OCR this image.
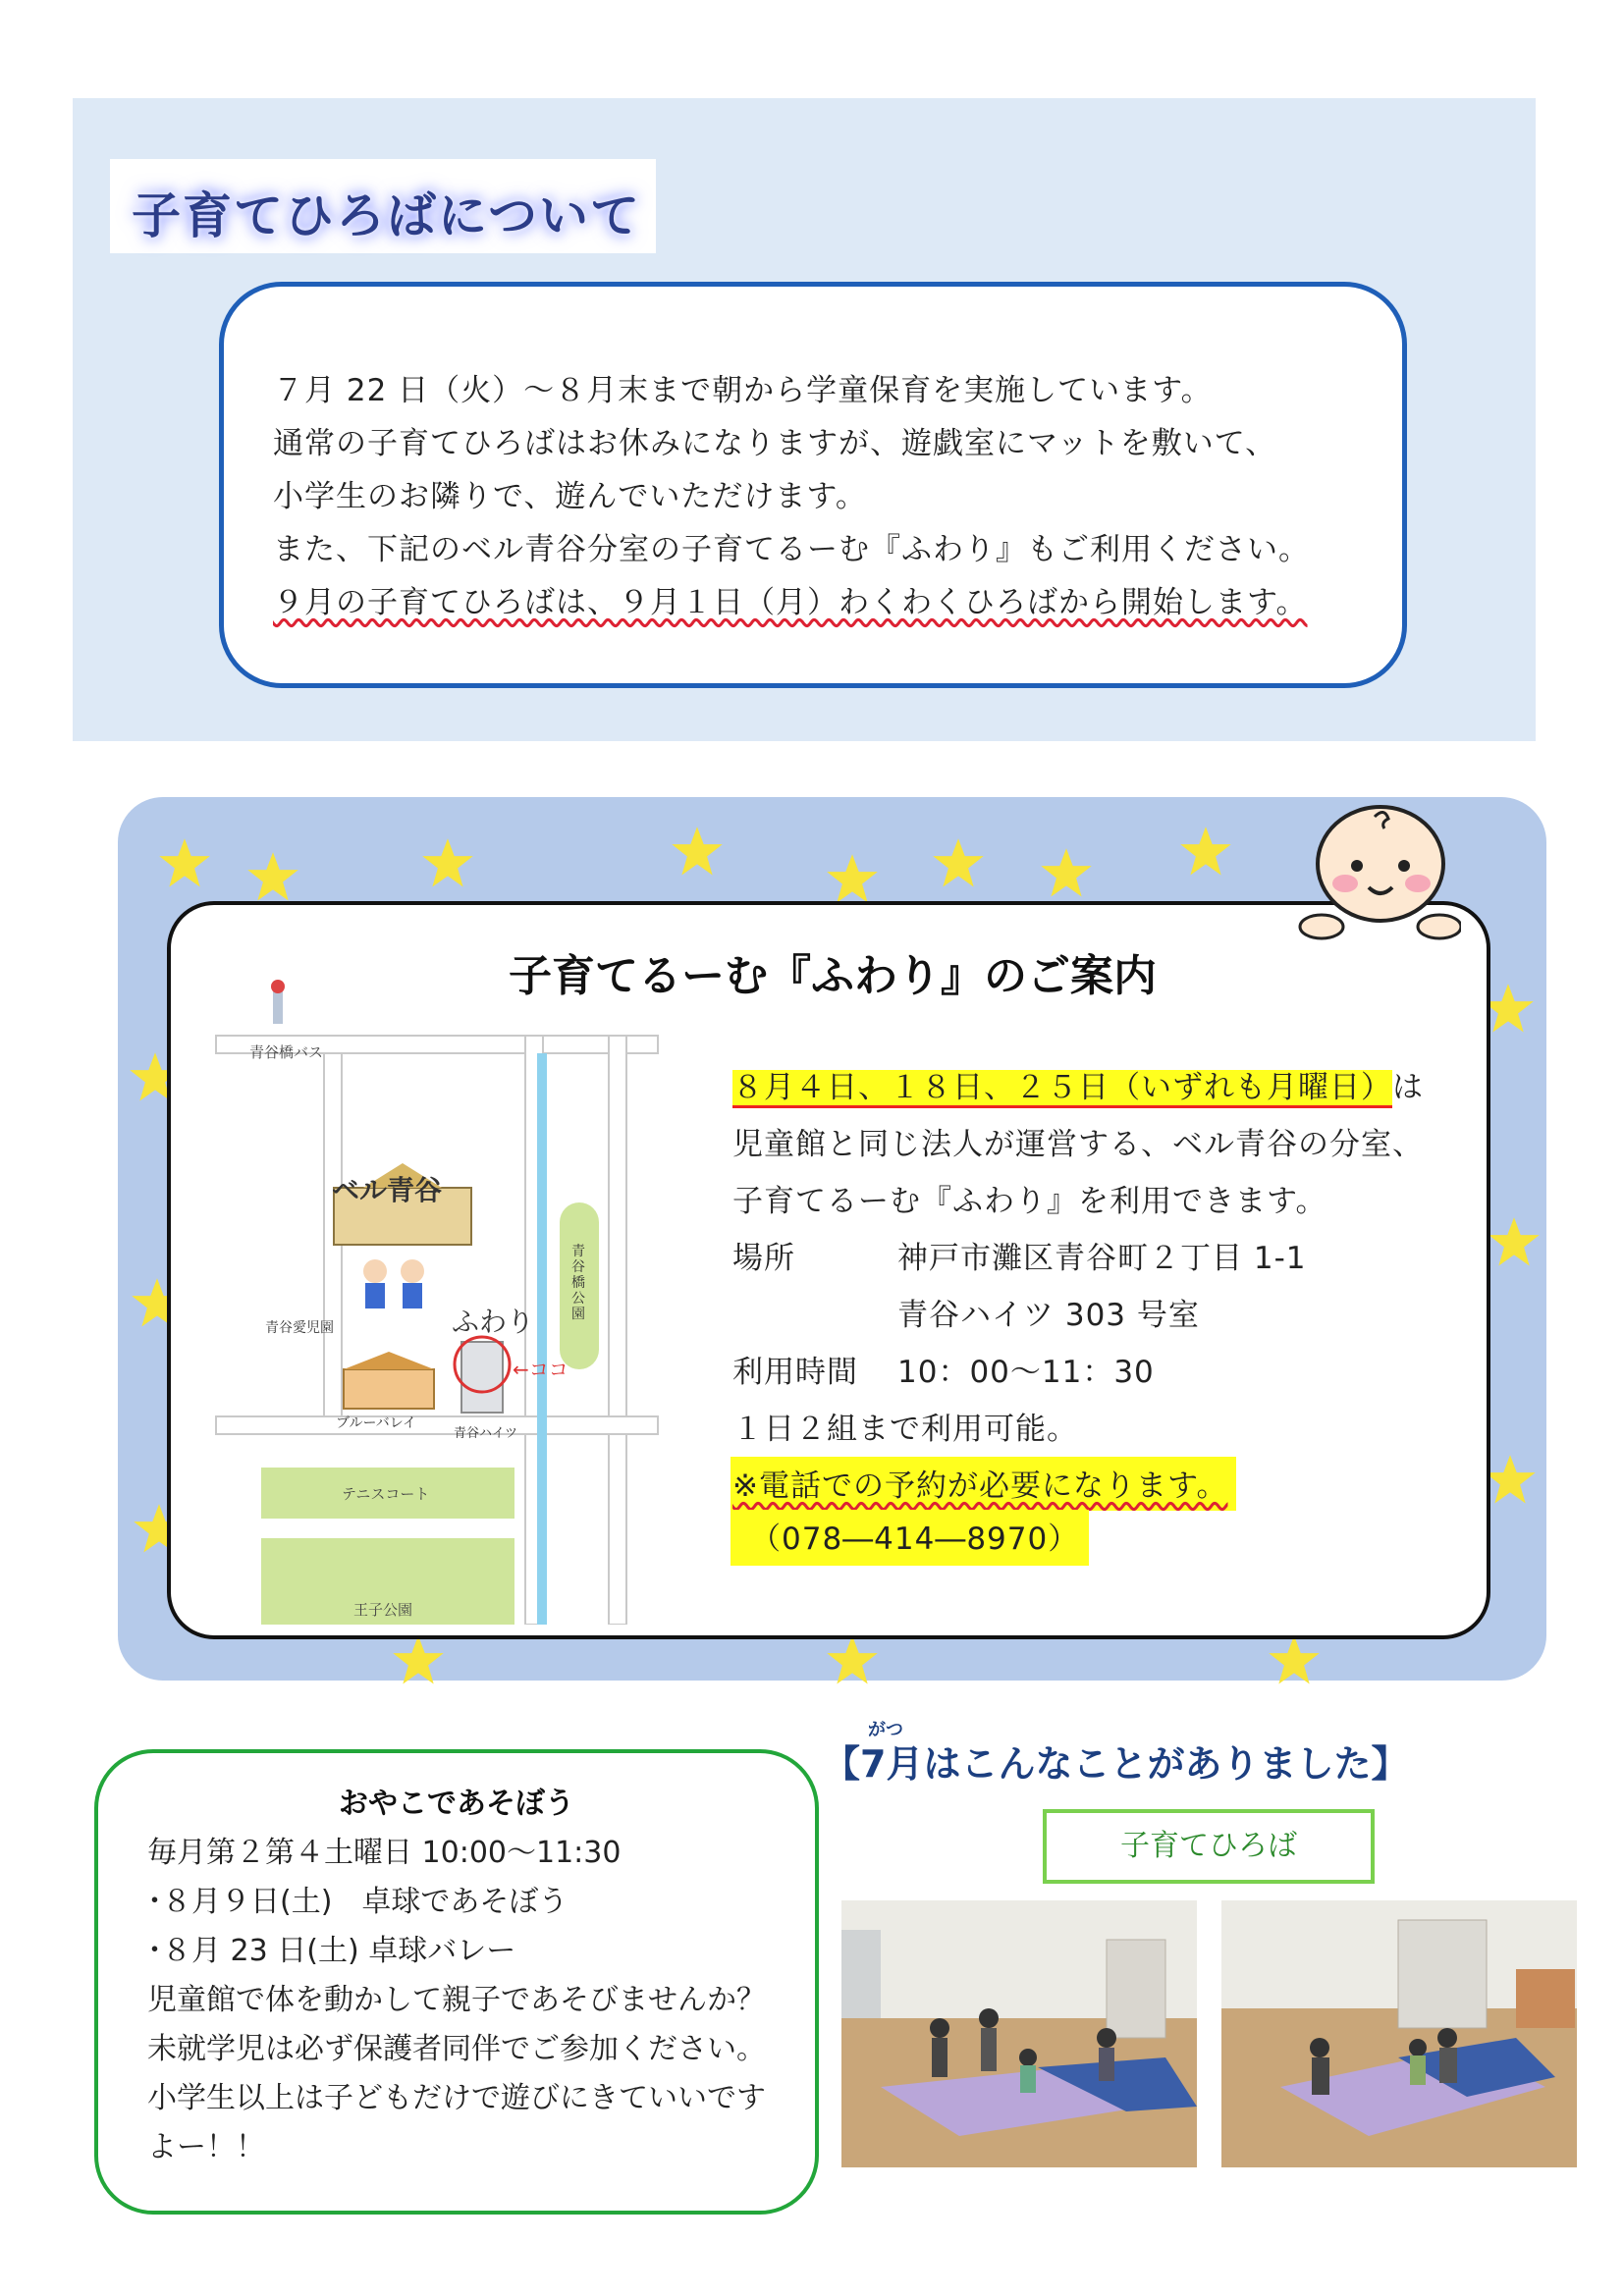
子育てひろばについて
７月 22 日（火）～８月末まで朝から学童保育を実施しています。
通常の子育てひろばはお休みになりますが、遊戯室にマットを敷いて、
小学生のお隣りで、遊んでいただけます。
また、下記のベル青谷分室の子育てるーむ『ふわり』もご利用ください。
９月の子育てひろばは、９月１日（月）わくわくひろばから開始します。
子育てるーむ『ふわり』のご案内
８月４日、１８日、２５日（いずれも月曜日）は
児童館と同じ法人が運営する、ベル青谷の分室、
子育てるーむ『ふわり』を利用できます。
場所	神戸市灘区青谷町２丁目 1-1
青谷ハイツ 303 号室
利用時間 10：00～11：30
１日２組まで利用可能。
※電話での予約が必要になります。
（078―414―8970）
青谷橋バス
ベル青谷
青谷愛児園	ふわり
青谷橋公園
←ココ
ブルーバレイ
青谷ハイツ
テニスコート
王子公園
おやこであそぼう
毎月第２第４土曜日 10:00～11:30
･８月９日(土)　卓球であそぼう
･８月 23 日(土) 卓球バレー
児童館で体を動かして親子であそびませんか？
未就学児は必ず保護者同伴でご参加ください。
小学生以上は子どもだけで遊びにきていいです
よー！！
がつ
【7月はこんなことがありました】
子育てひろば
